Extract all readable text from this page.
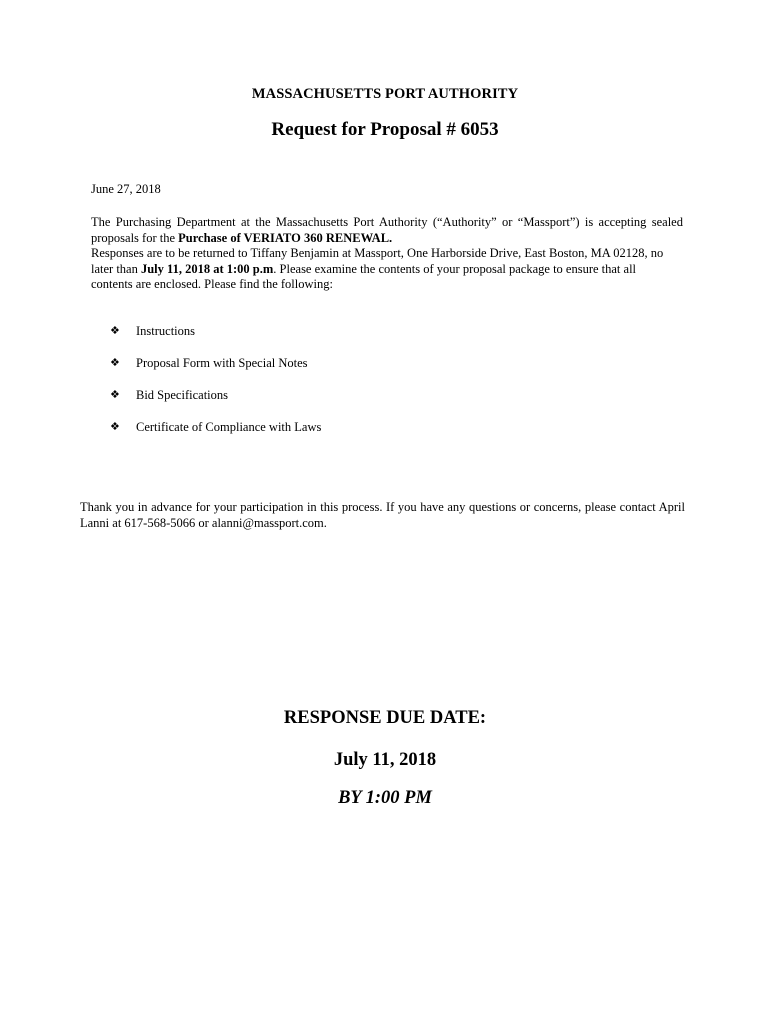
MASSACHUSETTS PORT AUTHORITY
Request for Proposal # 6053
June 27, 2018
The Purchasing Department at the Massachusetts Port Authority (“Authority” or “Massport”) is accepting sealed
proposals for the Purchase of VERIATO 360 RENEWAL.
Responses are to be returned to Tiffany Benjamin at Massport, One Harborside Drive, East Boston, MA 02128, no
later than July 11, 2018 at 1:00 p.m. Please examine the contents of your proposal package to ensure that all
contents are enclosed. Please find the following:
❖	Instructions
❖	Proposal Form with Special Notes
❖	Bid Specifications
❖	Certificate of Compliance with Laws
Thank you in advance for your participation in this process. If you have any questions or concerns, please contact April
Lanni at 617-568-5066 or alanni@massport.com.
RESPONSE DUE DATE:
July 11, 2018
BY 1:00 PM
